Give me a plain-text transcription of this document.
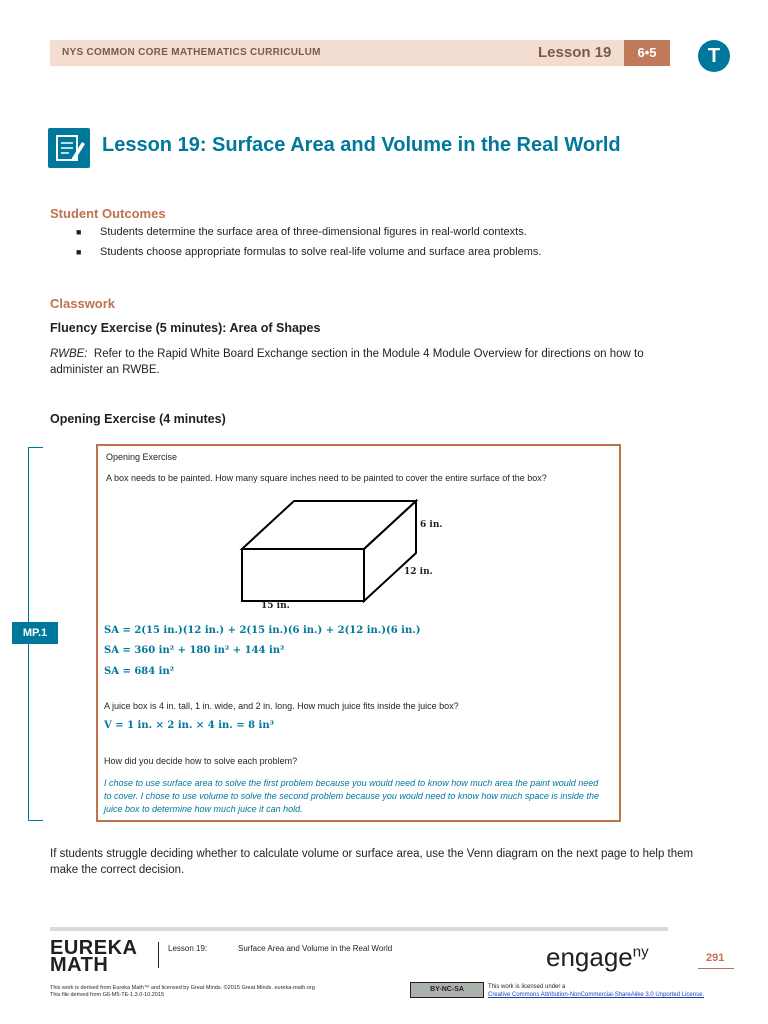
NYS COMMON CORE MATHEMATICS CURRICULUM	Lesson 19	6•5	T
Lesson 19: Surface Area and Volume in the Real World
Student Outcomes
■ Students determine the surface area of three-dimensional figures in real-world contexts.
■ Students choose appropriate formulas to solve real-life volume and surface area problems.
Classwork
Fluency Exercise (5 minutes): Area of Shapes
RWBE: Refer to the Rapid White Board Exchange section in the Module 4 Module Overview for directions on how to administer an RWBE.
Opening Exercise (4 minutes)
MP.1
Opening Exercise
A box needs to be painted. How many square inches need to be painted to cover the entire surface of the box?
6 in.
12 in.
15 in.
SA = 2(15 in.)(12 in.) + 2(15 in.)(6 in.) + 2(12 in.)(6 in.)
SA = 360 in² + 180 in² + 144 in²
SA = 684 in²
A juice box is 4 in. tall, 1 in. wide, and 2 in. long. How much juice fits inside the juice box?
V = 1 in. × 2 in. × 4 in. = 8 in³
How did you decide how to solve each problem?
I chose to use surface area to solve the first problem because you would need to know how much area the paint would need to cover. I chose to use volume to solve the second problem because you would need to know how much space is inside the juice box to determine how much juice it can hold.
If students struggle deciding whether to calculate volume or surface area, use the Venn diagram on the next page to help them make the correct decision.
EUREKA
MATH
Lesson 19:	Surface Area and Volume in the Real World	engage$^{ny}$	291
This work is derived from Eureka Math™ and licensed by Great Minds. ©2015 Great Minds. eureka-math.org
This file derived from G6-M5-TE-1.3.0-10.2015
BY-NC-SA	This work is licensed under a
Creative Commons Attribution-NonCommercial-ShareAlike 3.0 Unported License.
